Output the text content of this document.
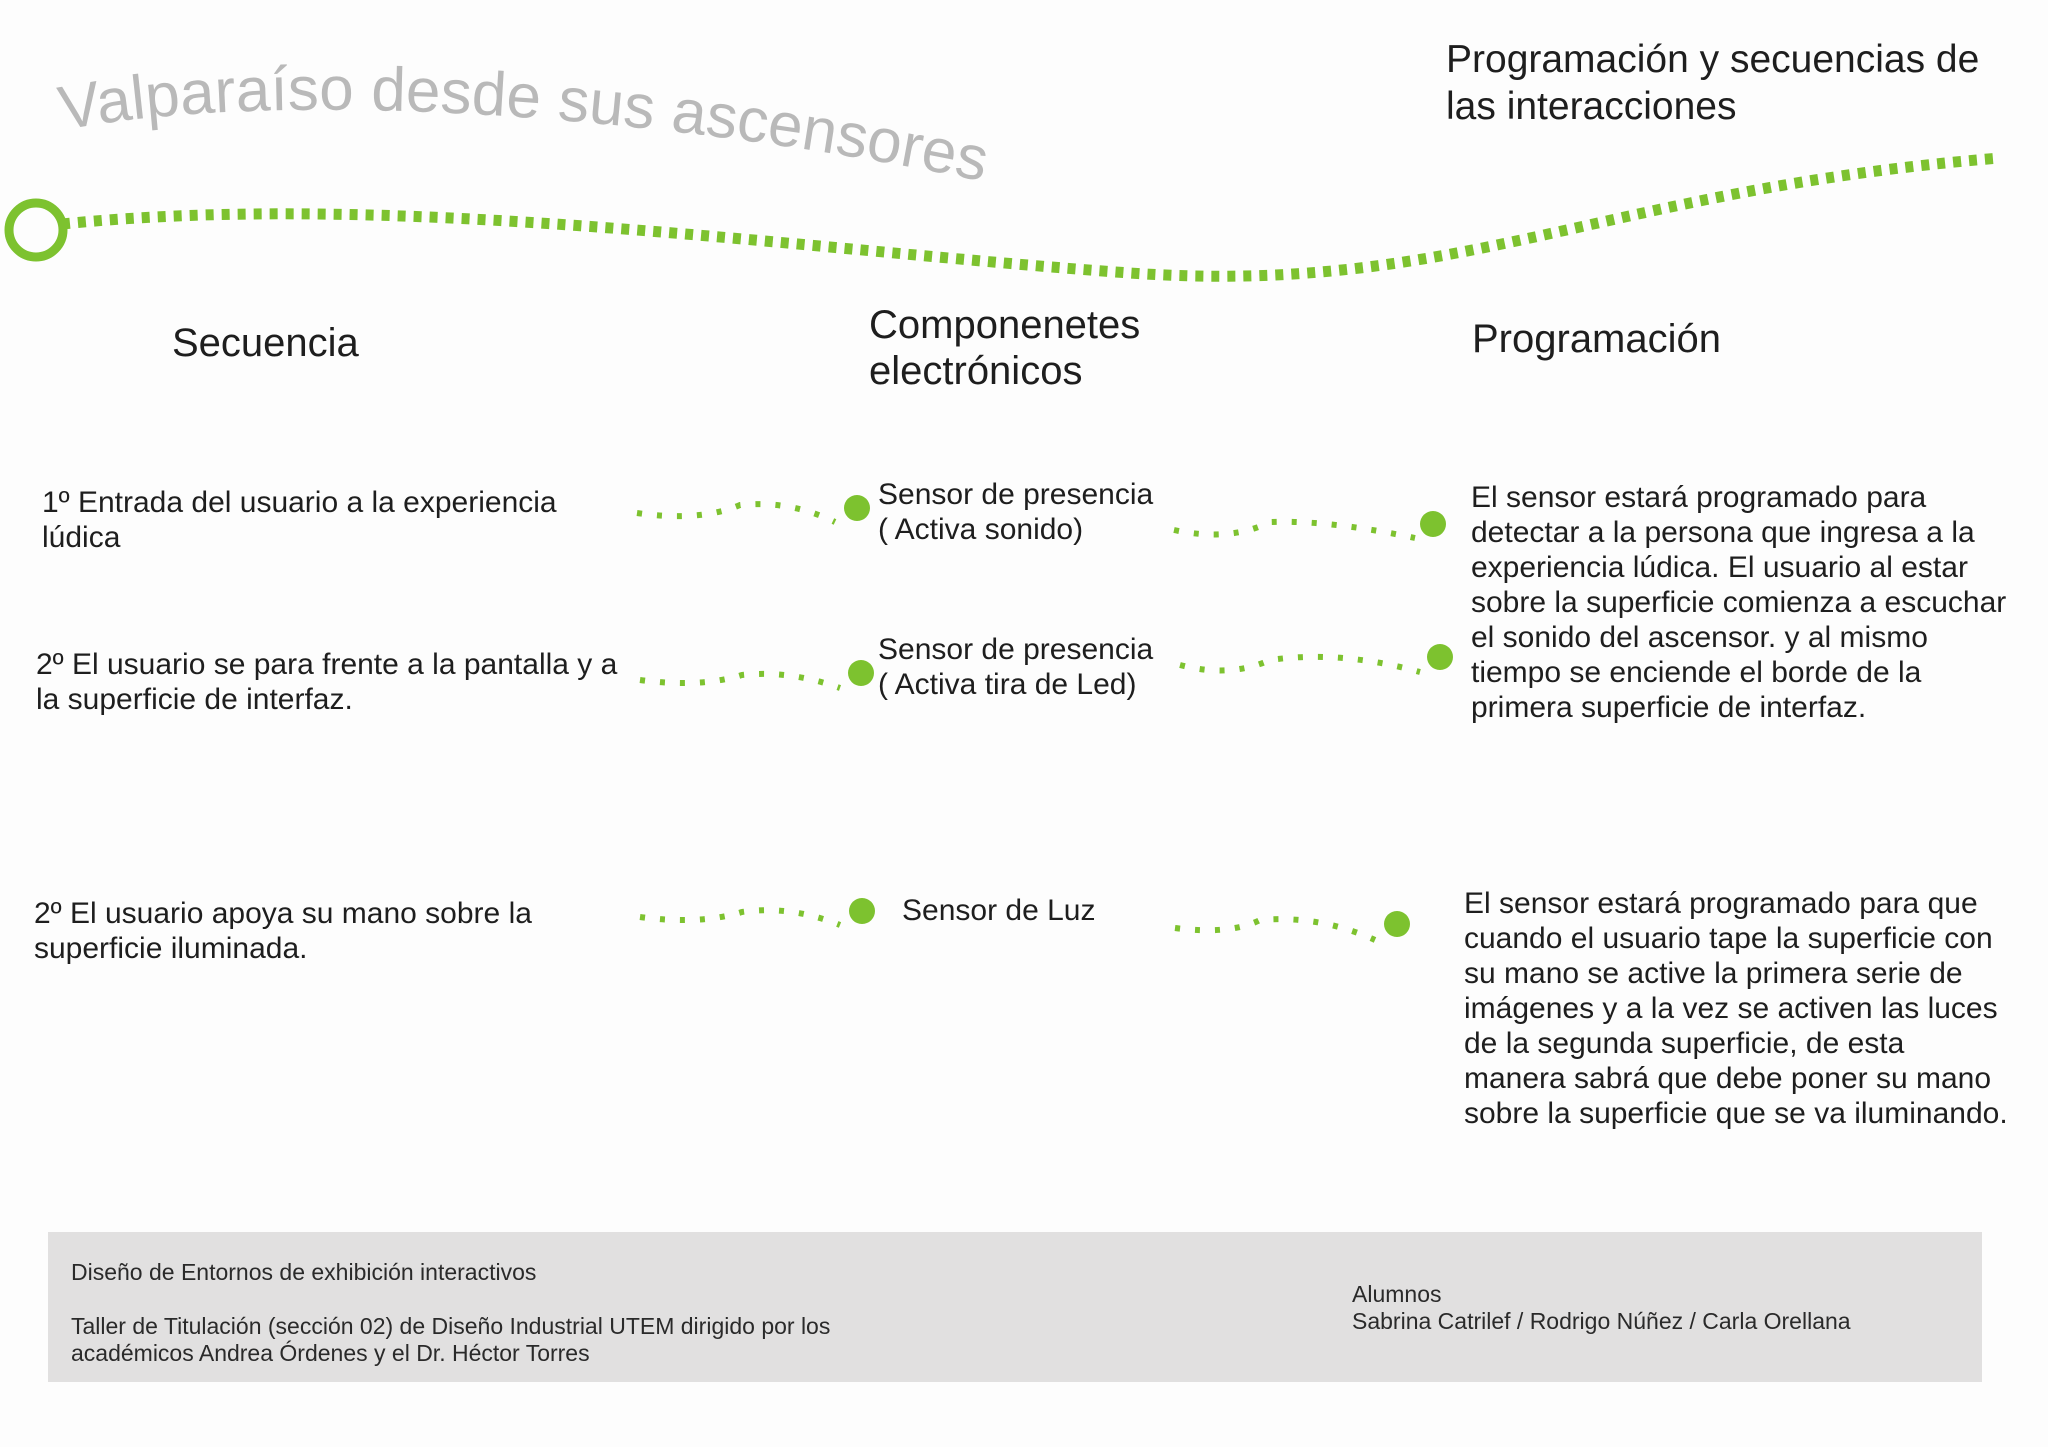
Valparaíso desde sus ascensores
Programación y secuencias de las interacciones
Secuencia	Componenetes electrónicos
Programación
1º Entrada del usuario a la experiencia lúdica
Sensor de presencia
( Activa sonido)
El sensor estará programado para detectar a la persona que ingresa a la experiencia lúdica. El usuario al estar sobre la superficie comienza a escuchar el sonido del ascensor. y al mismo tiempo se enciende el borde de la primera superficie de interfaz.
2º El usuario se para frente a la pantalla y a la superficie de interfaz.
Sensor de presencia
( Activa tira de Led)
2º El usuario apoya su mano sobre la superficie iluminada.
Sensor de Luz	El sensor estará programado para que cuando el usuario tape la superficie con su mano se active la primera serie de imágenes y a la vez se activen las luces de la segunda superficie, de esta manera sabrá que debe poner su mano sobre la superficie que se va iluminando.
Diseño de Entornos de exhibición interactivos
Taller de Titulación (sección 02) de Diseño Industrial UTEM dirigido por los académicos Andrea Órdenes y el Dr. Héctor Torres
Alumnos
Sabrina Catrilef / Rodrigo Núñez / Carla Orellana
